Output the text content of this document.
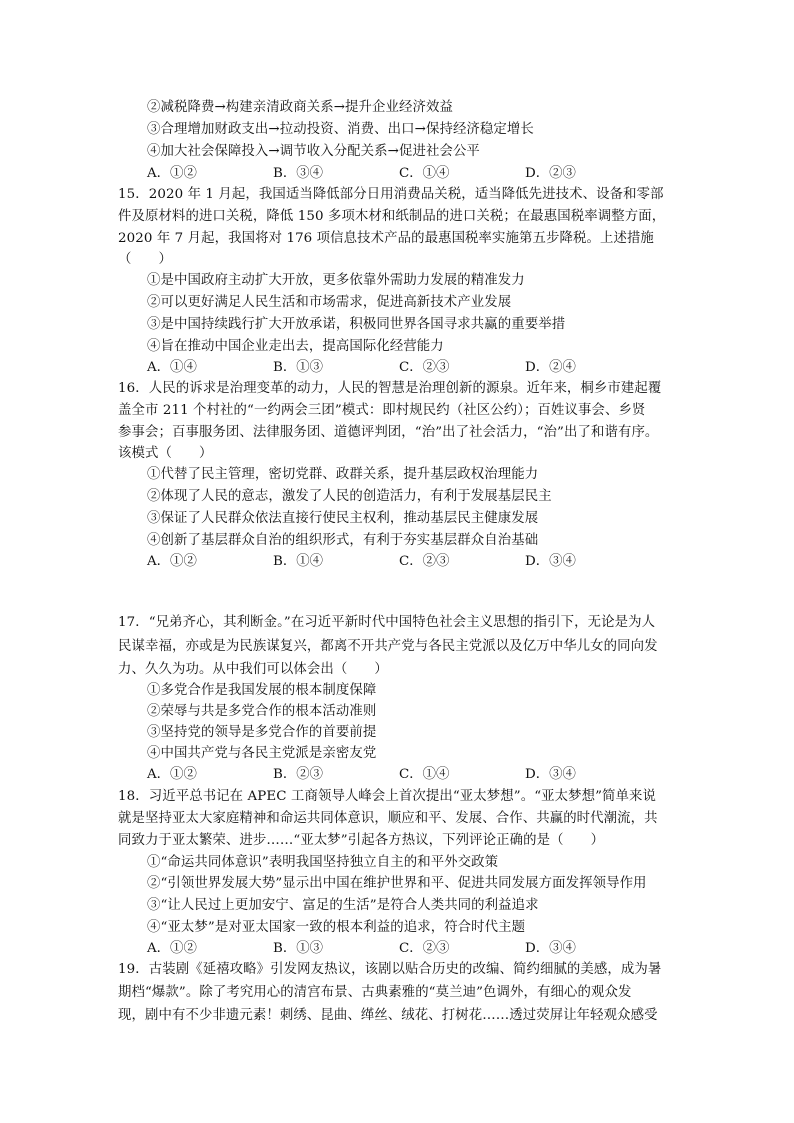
②减税降费→构建亲清政商关系→提升企业经济效益
③合理增加财政支出→拉动投资、消费、出口→保持经济稳定增长
④加大社会保障投入→调节收入分配关系→促进社会公平
A．①②	B．③④	C．①④	D．②③
15．2020 年 1 月起，我国适当降低部分日用消费品关税，适当降低先进技术、设备和零部
件及原材料的进口关税，降低 150 多项木材和纸制品的进口关税；在最惠国税率调整方面，
2020 年 7 月起，我国将对 176 项信息技术产品的最惠国税率实施第五步降税。上述措施
（　　）
①是中国政府主动扩大开放，更多依靠外需助力发展的精准发力
②可以更好满足人民生活和市场需求，促进高新技术产业发展
③是中国持续践行扩大开放承诺，积极同世界各国寻求共赢的重要举措
④旨在推动中国企业走出去，提高国际化经营能力
A．①④	B．①③	C．②③	D．②④
16．人民的诉求是治理变革的动力，人民的智慧是治理创新的源泉。近年来，桐乡市建起覆
盖全市 211 个村社的“一约两会三团”模式：即村规民约（社区公约）；百姓议事会、乡贤
参事会；百事服务团、法律服务团、道德评判团，“治”出了社会活力，“治”出了和谐有序。
该模式（　　）
①代替了民主管理，密切党群、政群关系，提升基层政权治理能力
②体现了人民的意志，激发了人民的创造活力，有利于发展基层民主
③保证了人民群众依法直接行使民主权利，推动基层民主健康发展
④创新了基层群众自治的组织形式，有利于夯实基层群众自治基础
A．①②	B．①④	C．②③	D．③④
17．“兄弟齐心，其利断金。”在习近平新时代中国特色社会主义思想的指引下，无论是为人
民谋幸福，亦或是为民族谋复兴，都离不开共产党与各民主党派以及亿万中华儿女的同向发
力、久久为功。从中我们可以体会出（　　）
①多党合作是我国发展的根本制度保障
②荣辱与共是多党合作的根本活动准则
③坚持党的领导是多党合作的首要前提
④中国共产党与各民主党派是亲密友党
A．①②	B．②③	C．①④	D．③④
18．习近平总书记在 APEC 工商领导人峰会上首次提出“亚太梦想”。“亚太梦想”简单来说
就是坚持亚太大家庭精神和命运共同体意识，顺应和平、发展、合作、共赢的时代潮流，共
同致力于亚太繁荣、进步……“亚太梦”引起各方热议，下列评论正确的是（　　）
①“命运共同体意识”表明我国坚持独立自主的和平外交政策
②“引领世界发展大势”显示出中国在维护世界和平、促进共同发展方面发挥领导作用
③“让人民过上更加安宁、富足的生活”是符合人类共同的利益追求
④“亚太梦”是对亚太国家一致的根本利益的追求，符合时代主题
A．①②	B．①③	C．②③	D．③④
19．古装剧《延禧攻略》引发网友热议，该剧以贴合历史的改编、简约细腻的美感，成为暑
期档“爆款”。除了考究用心的清宫布景、古典素雅的“莫兰迪”色调外，有细心的观众发
现，剧中有不少非遗元素！刺绣、昆曲、缂丝、绒花、打树花……透过荧屏让年轻观众感受
